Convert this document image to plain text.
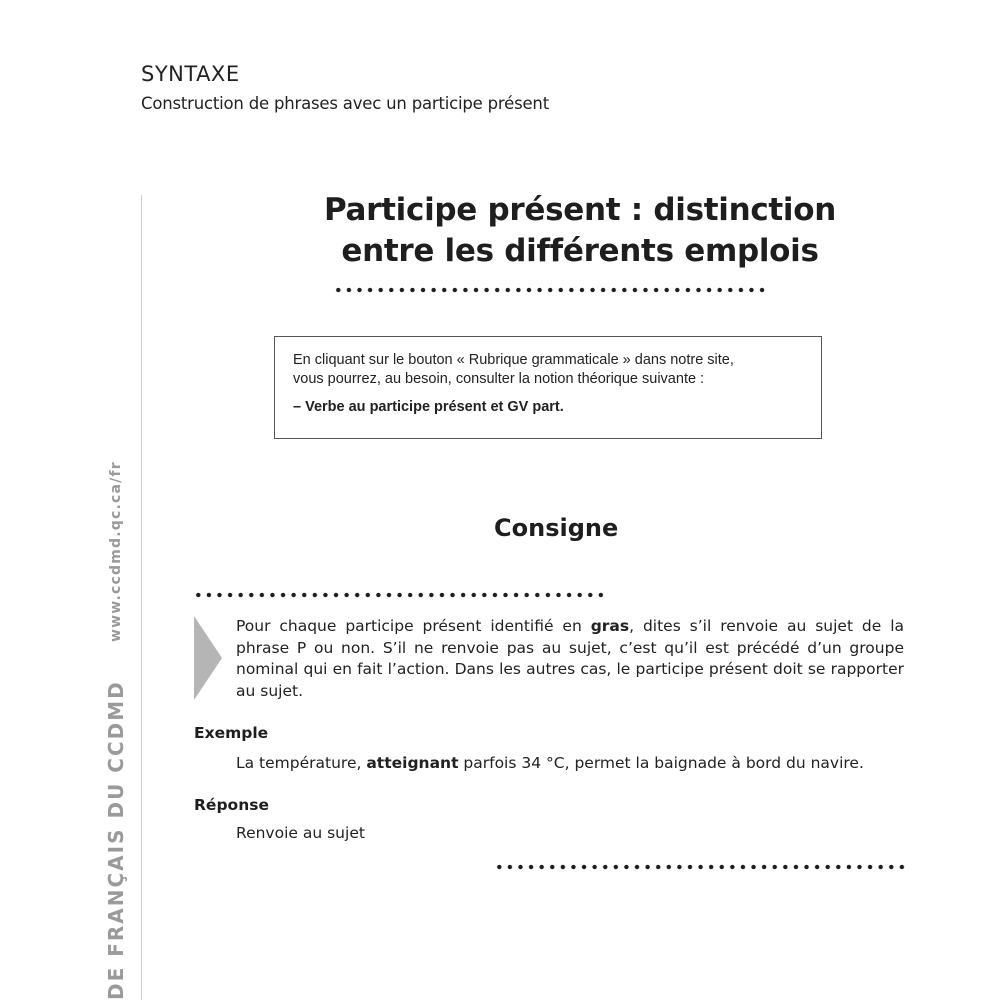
SYNTAXE
Construction de phrases avec un participe présent
DE FRANÇAIS DU CCDMDwww.ccdmd.qc.ca/fr
Participe présent : distinction
entre les différents emplois

En cliquant sur le bouton « Rubrique grammaticale » dans notre site,

vous pourrez, au besoin, consulter la notion théorique suivante :

– Verbe au participe présent et GV part.

Consigne

Pour chaque participe présent identifié en gras, dites s’il renvoie au sujet de la phrase P ou non. S’il ne renvoie pas au sujet, c’est qu’il est précédé d’un groupe nominal qui en fait l’action. Dans les autres cas, le participe présent doit se rapporter au sujet.

Exemple

La température, atteignant parfois 34 °C, permet la baignade à bord du navire.

Réponse

Renvoie au sujet
